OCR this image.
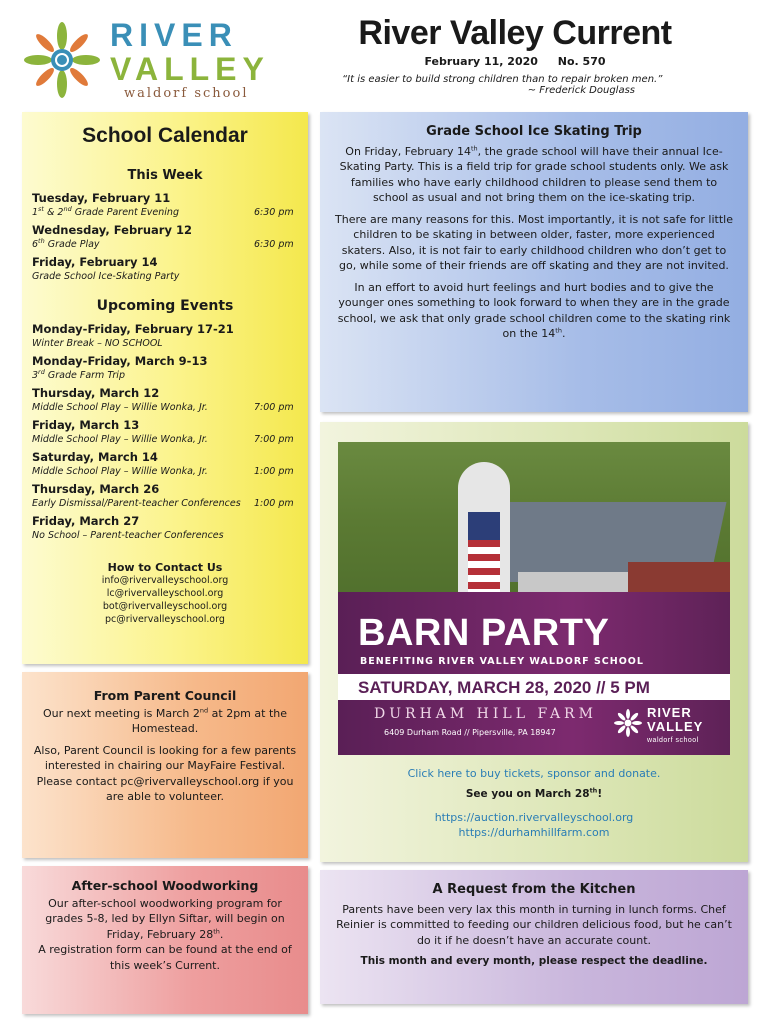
RIVER
VALLEY
waldorf school
River Valley Current
February 11, 2020 No. 570
“It is easier to build strong children than to repair broken men.”
~ Frederick Douglass
School Calendar
This Week
Tuesday, February 11
1st & 2nd Grade Parent Evening	6:30 pm
Wednesday, February 12
6th Grade Play	6:30 pm
Friday, February 14
Grade School Ice-Skating Party
Upcoming Events
Monday-Friday, February 17-21
Winter Break – NO SCHOOL
Monday-Friday, March 9-13
3rd Grade Farm Trip
Thursday, March 12
Middle School Play – Willie Wonka, Jr.	7:00 pm
Friday, March 13
Middle School Play – Willie Wonka, Jr.	7:00 pm
Saturday, March 14
Middle School Play – Willie Wonka, Jr.	1:00 pm
Thursday, March 26
Early Dismissal/Parent-teacher Conferences 1:00 pm
Friday, March 27
No School – Parent-teacher Conferences
How to Contact Us
info@rivervalleyschool.org
lc@rivervalleyschool.org
bot@rivervalleyschool.org
pc@rivervalleyschool.org
Grade School Ice Skating Trip

On Friday, February 14th, the grade school will have their annual Ice-Skating Party. This is a field trip for grade school students only. We ask families who have early childhood children to please send them to school as usual and not bring them on the ice-skating trip.

There are many reasons for this. Most importantly, it is not safe for little children to be skating in between older, faster, more experienced skaters. Also, it is not fair to early childhood children who don’t get to go, while some of their friends are off skating and they are not invited.

In an effort to avoid hurt feelings and hurt bodies and to give the younger ones something to look forward to when they are in the grade school, we ask that only grade school children come to the skating rink on the 14th.

BARN PARTY
BENEFITING RIVER VALLEY WALDORF SCHOOL
SATURDAY, MARCH 28, 2020 // 5 PM
DURHAM HILL FARM
6409 Durham Road // Pipersville, PA 18947
RIVER
VALLEY
waldorf school
Click here to buy tickets, sponsor and donate.
See you on March 28th!
https://auction.rivervalleyschool.org
https://durhamhillfarm.com
From Parent Council

Our next meeting is March 2nd at 2pm at the Homestead.

Also, Parent Council is looking for a few parents interested in chairing our MayFaire Festival. Please contact pc@rivervalleyschool.org if you are able to volunteer.

After-school Woodworking

Our after-school woodworking program for grades 5-8, led by Ellyn Siftar, will begin on Friday, February 28th.

A registration form can be found at the end of this week’s Current.

A Request from the Kitchen

Parents have been very lax this month in turning in lunch forms. Chef Reinier is committed to feeding our children delicious food, but he can’t do it if he doesn’t have an accurate count.

This month and every month, please respect the deadline.
